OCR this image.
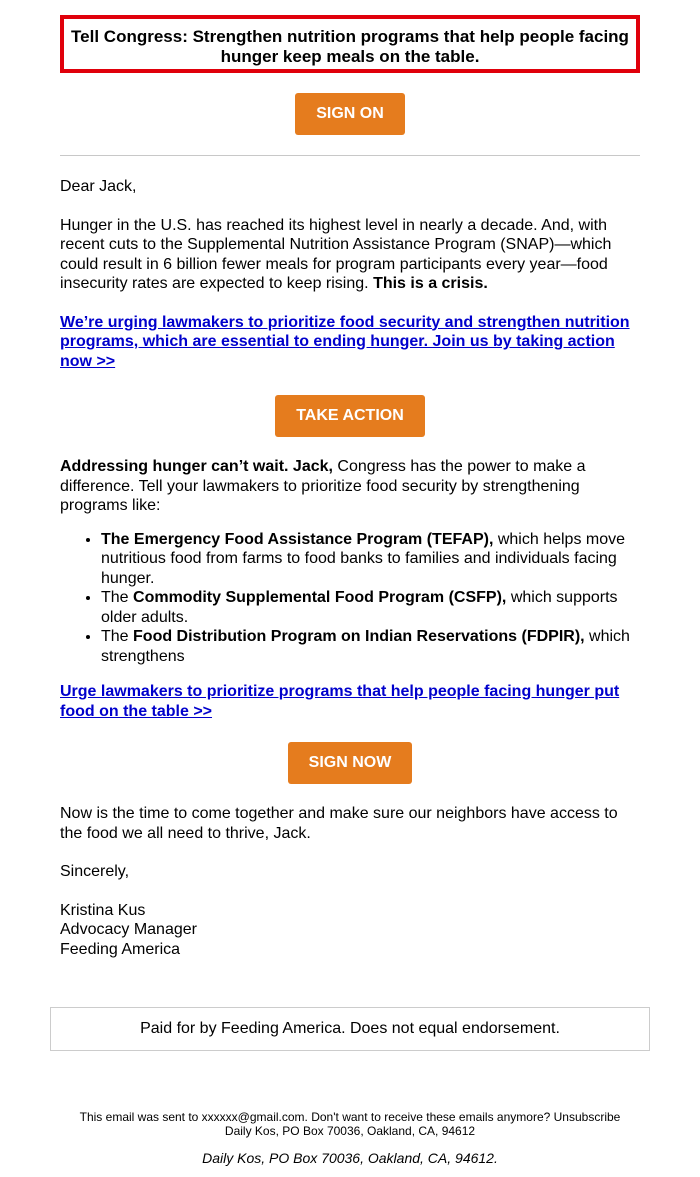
Tell Congress: Strengthen nutrition programs that help people facing hunger keep meals on the table.
SIGN ON

Dear Jack,

Hunger in the U.S. has reached its highest level in nearly a decade. And, with recent cuts to the Supplemental Nutrition Assistance Program (SNAP)—which could result in 6 billion fewer meals for program participants every year—food insecurity rates are expected to keep rising. This is a crisis.

We’re urging lawmakers to prioritize food security and strengthen nutrition programs, which are essential to ending hunger. Join us by taking action now >>

TAKE ACTION

Addressing hunger can’t wait. Jack, Congress has the power to make a difference. Tell your lawmakers to prioritize food security by strengthening programs like:

• The Emergency Food Assistance Program (TEFAP), which helps move nutritious food from farms to food banks to families and individuals facing hunger.
• The Commodity Supplemental Food Program (CSFP), which supports older adults.
• The Food Distribution Program on Indian Reservations (FDPIR), which strengthens

Urge lawmakers to prioritize programs that help people facing hunger put food on the table >>

SIGN NOW

Now is the time to come together and make sure our neighbors have access to the food we all need to thrive, Jack.

Sincerely,

Kristina Kus

Advocacy Manager

Feeding America

Paid for by Feeding America. Does not equal endorsement.
This email was sent to xxxxxx@gmail.com. Don't want to receive these emails anymore? Unsubscribe
Daily Kos, PO Box 70036, Oakland, CA, 94612
Daily Kos, PO Box 70036, Oakland, CA, 94612.
